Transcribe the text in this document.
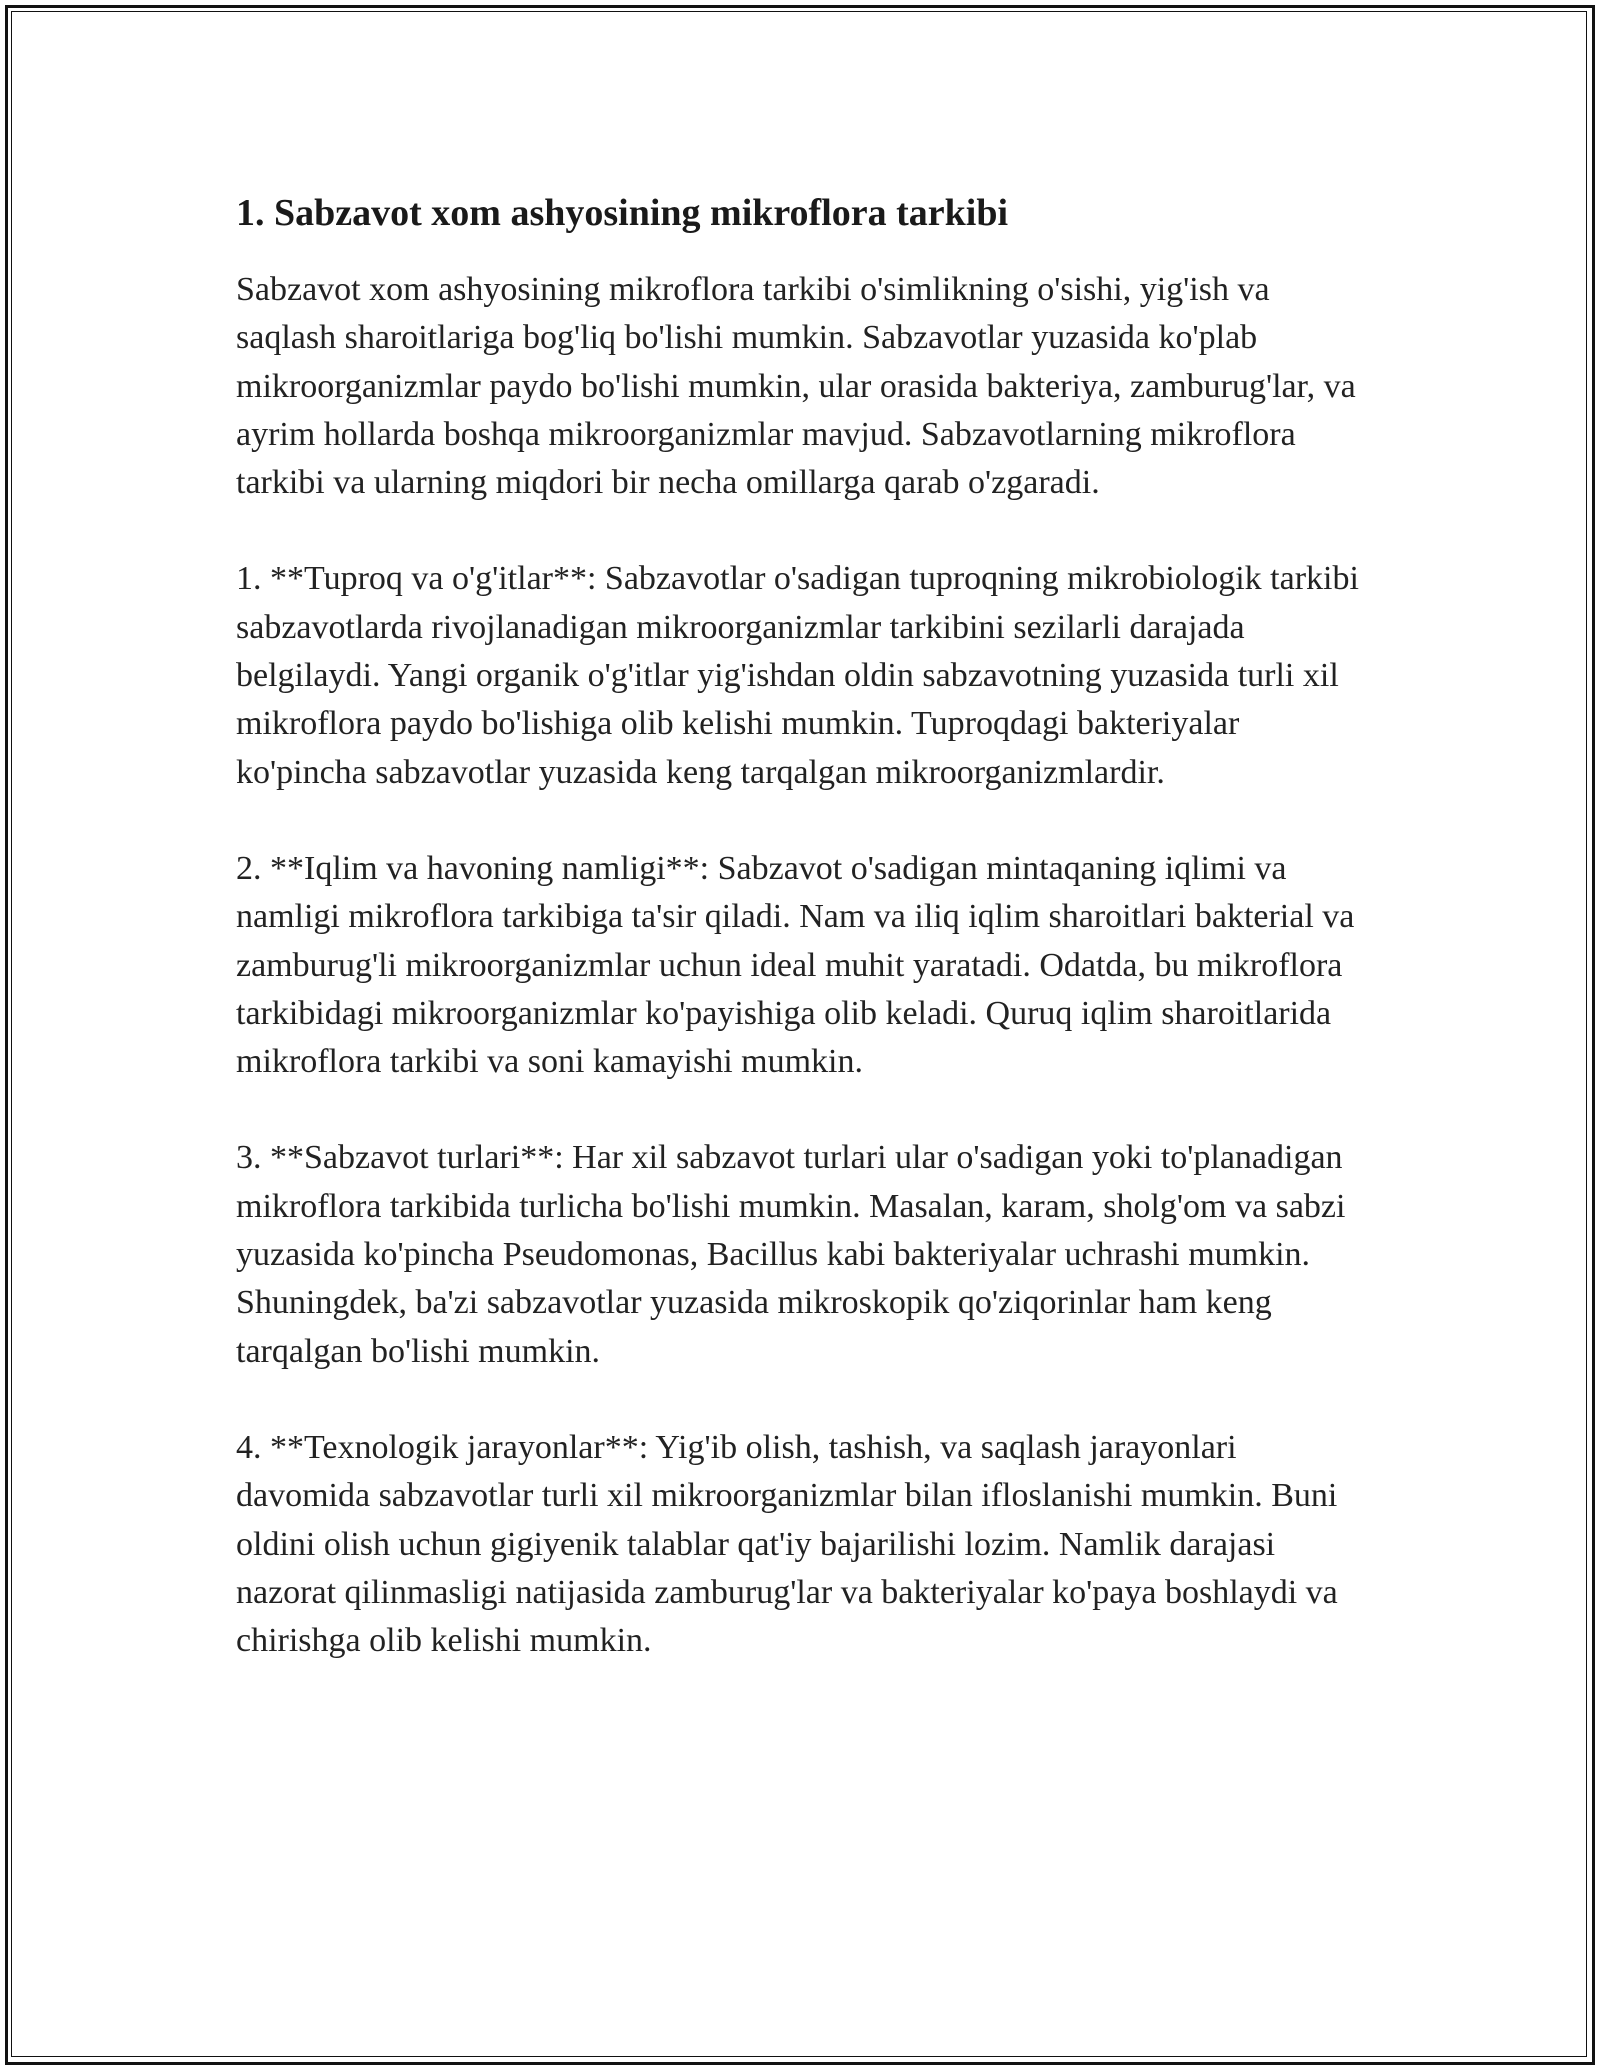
1. Sabzavot xom ashyosining mikroflora tarkibi

Sabzavot xom ashyosining mikroflora tarkibi o'simlikning o'sishi, yig'ish va saqlash sharoitlariga bog'liq bo'lishi mumkin. Sabzavotlar yuzasida ko'plab mikroorganizmlar paydo bo'lishi mumkin, ular orasida bakteriya, zamburug'lar, va ayrim hollarda boshqa mikroorganizmlar mavjud. Sabzavotlarning mikroflora tarkibi va ularning miqdori bir necha omillarga qarab o'zgaradi.

1. **Tuproq va o'g'itlar**: Sabzavotlar o'sadigan tuproqning mikrobiologik tarkibi sabzavotlarda rivojlanadigan mikroorganizmlar tarkibini sezilarli darajada belgilaydi. Yangi organik o'g'itlar yig'ishdan oldin sabzavotning yuzasida turli xil mikroflora paydo bo'lishiga olib kelishi mumkin. Tuproqdagi bakteriyalar ko'pincha sabzavotlar yuzasida keng tarqalgan mikroorganizmlardir.

2. **Iqlim va havoning namligi**: Sabzavot o'sadigan mintaqaning iqlimi va namligi mikroflora tarkibiga ta'sir qiladi. Nam va iliq iqlim sharoitlari bakterial va zamburug'li mikroorganizmlar uchun ideal muhit yaratadi. Odatda, bu mikroflora tarkibidagi mikroorganizmlar ko'payishiga olib keladi. Quruq iqlim sharoitlarida mikroflora tarkibi va soni kamayishi mumkin.

3. **Sabzavot turlari**: Har xil sabzavot turlari ular o'sadigan yoki to'planadigan mikroflora tarkibida turlicha bo'lishi mumkin. Masalan, karam, sholg'om va sabzi yuzasida ko'pincha Pseudomonas, Bacillus kabi bakteriyalar uchrashi mumkin. Shuningdek, ba'zi sabzavotlar yuzasida mikroskopik qo'ziqorinlar ham keng tarqalgan bo'lishi mumkin.

4. **Texnologik jarayonlar**: Yig'ib olish, tashish, va saqlash jarayonlari davomida sabzavotlar turli xil mikroorganizmlar bilan ifloslanishi mumkin. Buni oldini olish uchun gigiyenik talablar qat'iy bajarilishi lozim. Namlik darajasi nazorat qilinmasligi natijasida zamburug'lar va bakteriyalar ko'paya boshlaydi va chirishga olib kelishi mumkin.
